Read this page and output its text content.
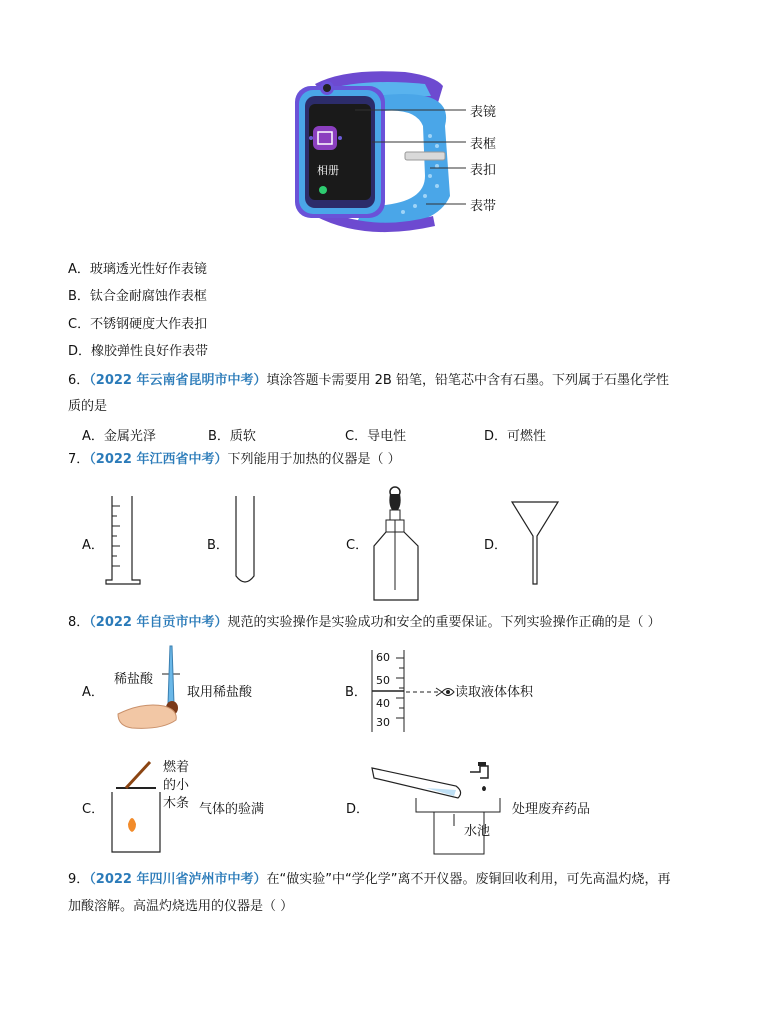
相册
表镜
表框
表扣
表带
A．玻璃透光性好作表镜
B．钛合金耐腐蚀作表框
C．不锈钢硬度大作表扣
D．橡胶弹性良好作表带
6．（2022 年云南省昆明市中考）填涂答题卡需要用 2B 铅笔，铅笔芯中含有石墨。下列属于石墨化学性
质的是
A．金属光泽	B．质软	C．导电性	D．可燃性
7．（2022 年江西省中考）下列能用于加热的仪器是（ ）
A．	B．	C．	D．
8．（2022 年自贡市中考）规范的实验操作是实验成功和安全的重要保证。下列实验操作正确的是（ ）
A．
稀盐酸
取用稀盐酸	B．
60
50
40
30
读取液体体积
C．
燃着
的小
木条 气体的验满	D．
水池
处理废弃药品
9．（2022 年四川省泸州市中考）在“做实验”中“学化学”离不开仪器。废铜回收利用，可先高温灼烧，再
加酸溶解。高温灼烧选用的仪器是（ ）
